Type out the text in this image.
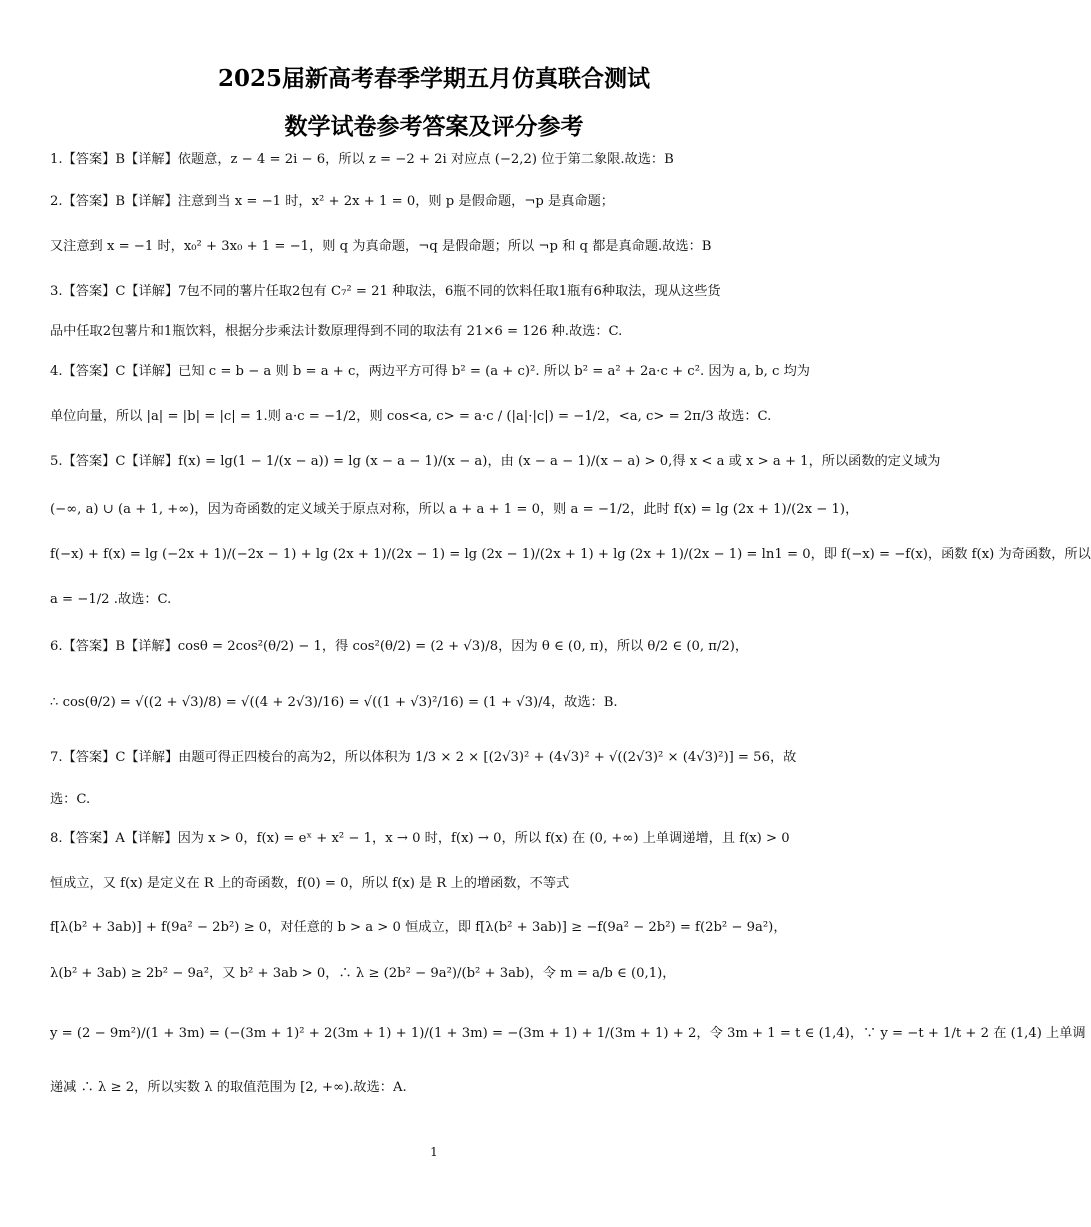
2025届新高考春季学期五月仿真联合测试
数学试卷参考答案及评分参考
1.【答案】B【详解】依题意，z − 4 = 2i − 6，所以 z = −2 + 2i 对应点 (−2,2) 位于第二象限.故选：B
2.【答案】B【详解】注意到当 x = −1 时，x² + 2x + 1 = 0，则 p 是假命题，¬p 是真命题；
又注意到 x = −1 时，x₀² + 3x₀ + 1 = −1，则 q 为真命题，¬q 是假命题；所以 ¬p 和 q 都是真命题.故选：B
3.【答案】C【详解】7包不同的薯片任取2包有 C₇² = 21 种取法，6瓶不同的饮料任取1瓶有6种取法，现从这些货
品中任取2包薯片和1瓶饮料，根据分步乘法计数原理得到不同的取法有 21×6 = 126 种.故选：C.
4.【答案】C【详解】已知 c = b − a 则 b = a + c，两边平方可得 b² = (a + c)². 所以 b² = a² + 2a·c + c². 因为 a, b, c 均为
单位向量，所以 |a| = |b| = |c| = 1.则 a·c = −1/2，则 cos<a, c> = a·c / (|a|·|c|) = −1/2，<a, c> = 2π/3 故选：C.
5.【答案】C【详解】f(x) = lg(1 − 1/(x − a)) = lg (x − a − 1)/(x − a)，由 (x − a − 1)/(x − a) > 0,得 x < a 或 x > a + 1，所以函数的定义域为
(−∞, a) ∪ (a + 1, +∞)，因为奇函数的定义域关于原点对称，所以 a + a + 1 = 0，则 a = −1/2，此时 f(x) = lg (2x + 1)/(2x − 1)，
f(−x) + f(x) = lg (−2x + 1)/(−2x − 1) + lg (2x + 1)/(2x − 1) = lg (2x − 1)/(2x + 1) + lg (2x + 1)/(2x − 1) = ln1 = 0，即 f(−x) = −f(x)，函数 f(x) 为奇函数，所以
a = −1/2 .故选：C.
6.【答案】B【详解】cosθ = 2cos²(θ/2) − 1，得 cos²(θ/2) = (2 + √3)/8，因为 θ ∈ (0, π)，所以 θ/2 ∈ (0, π/2)，
∴ cos(θ/2) = √((2 + √3)/8) = √((4 + 2√3)/16) = √((1 + √3)²/16) = (1 + √3)/4，故选：B.
7.【答案】C【详解】由题可得正四棱台的高为2，所以体积为 1/3 × 2 × [(2√3)² + (4√3)² + √((2√3)² × (4√3)²)] = 56，故
选：C.
8.【答案】A【详解】因为 x > 0，f(x) = eˣ + x² − 1，x → 0 时，f(x) → 0，所以 f(x) 在 (0, +∞) 上单调递增，且 f(x) > 0
恒成立，又 f(x) 是定义在 R 上的奇函数，f(0) = 0，所以 f(x) 是 R 上的增函数，不等式
f[λ(b² + 3ab)] + f(9a² − 2b²) ≥ 0，对任意的 b > a > 0 恒成立，即 f[λ(b² + 3ab)] ≥ −f(9a² − 2b²) = f(2b² − 9a²)，
λ(b² + 3ab) ≥ 2b² − 9a²，又 b² + 3ab > 0，∴ λ ≥ (2b² − 9a²)/(b² + 3ab)，令 m = a/b ∈ (0,1)，
y = (2 − 9m²)/(1 + 3m) = (−(3m + 1)² + 2(3m + 1) + 1)/(1 + 3m) = −(3m + 1) + 1/(3m + 1) + 2，令 3m + 1 = t ∈ (1,4)，∵ y = −t + 1/t + 2 在 (1,4) 上单调
递减 ∴ λ ≥ 2，所以实数 λ 的取值范围为 [2, +∞).故选：A.
1
